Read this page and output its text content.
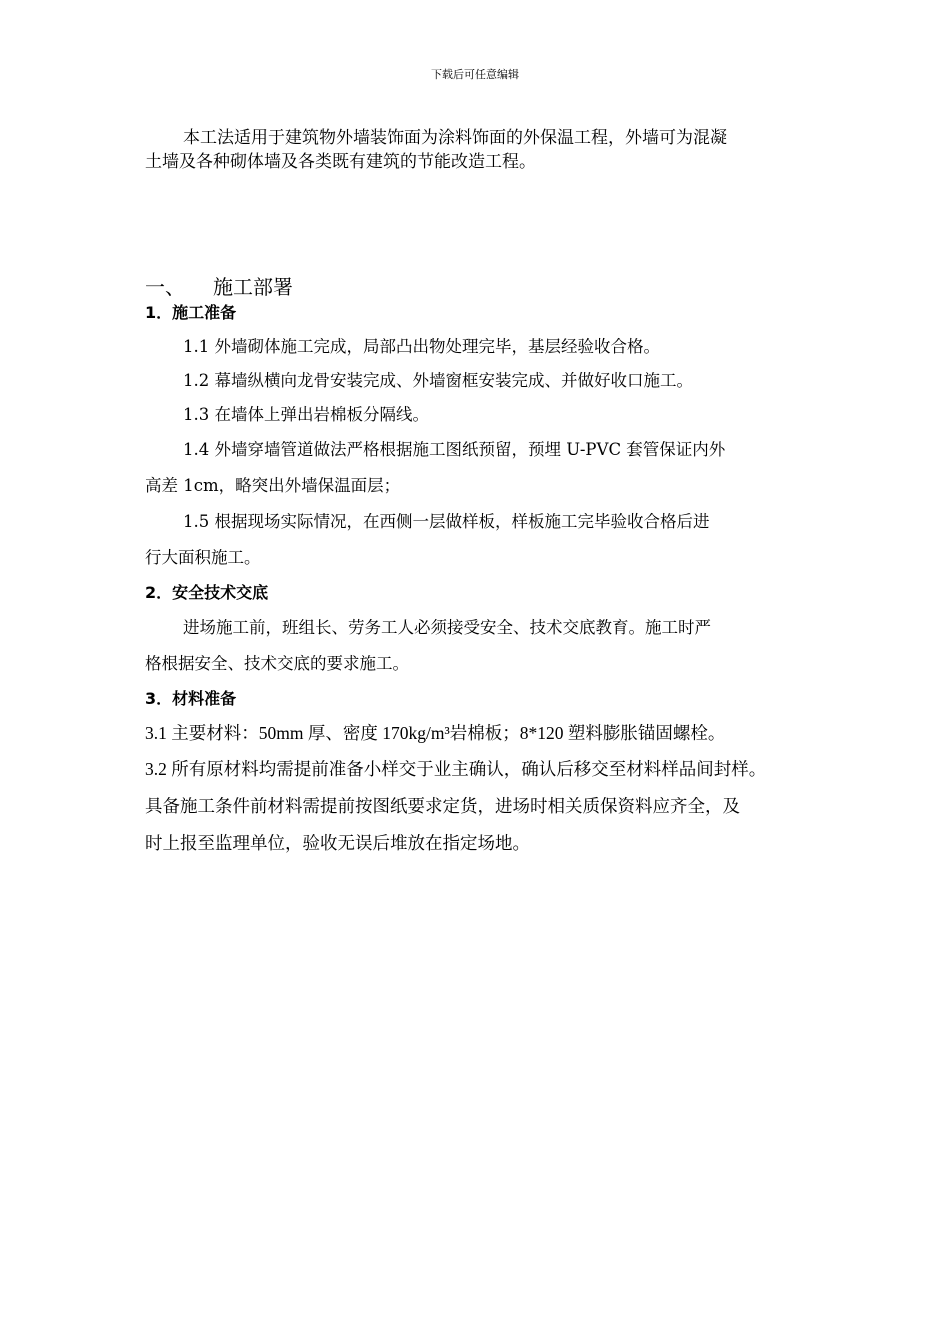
下载后可任意编辑
本工法适用于建筑物外墙装饰面为涂料饰面的外保温工程，外墙可为混凝
土墙及各种砌体墙及各类既有建筑的节能改造工程。
一、 施工部署
1．施工准备
1.1 外墙砌体施工完成，局部凸出物处理完毕，基层经验收合格。
1.2 幕墙纵横向龙骨安装完成、外墙窗框安装完成、并做好收口施工。
1.3 在墙体上弹出岩棉板分隔线。
1.4 外墙穿墙管道做法严格根据施工图纸预留，预埋 U-PVC 套管保证内外
高差 1cm，略突出外墙保温面层；
1.5 根据现场实际情况，在西侧一层做样板，样板施工完毕验收合格后进
行大面积施工。
2．安全技术交底
进场施工前，班组长、劳务工人必须接受安全、技术交底教育。施工时严
格根据安全、技术交底的要求施工。
3．材料准备
3.1 主要材料：50mm 厚、密度 170kg/m³岩棉板；8*120 塑料膨胀锚固螺栓。
3.2 所有原材料均需提前准备小样交于业主确认，确认后移交至材料样品间封样。
具备施工条件前材料需提前按图纸要求定货，进场时相关质保资料应齐全，及
时上报至监理单位，验收无误后堆放在指定场地。
